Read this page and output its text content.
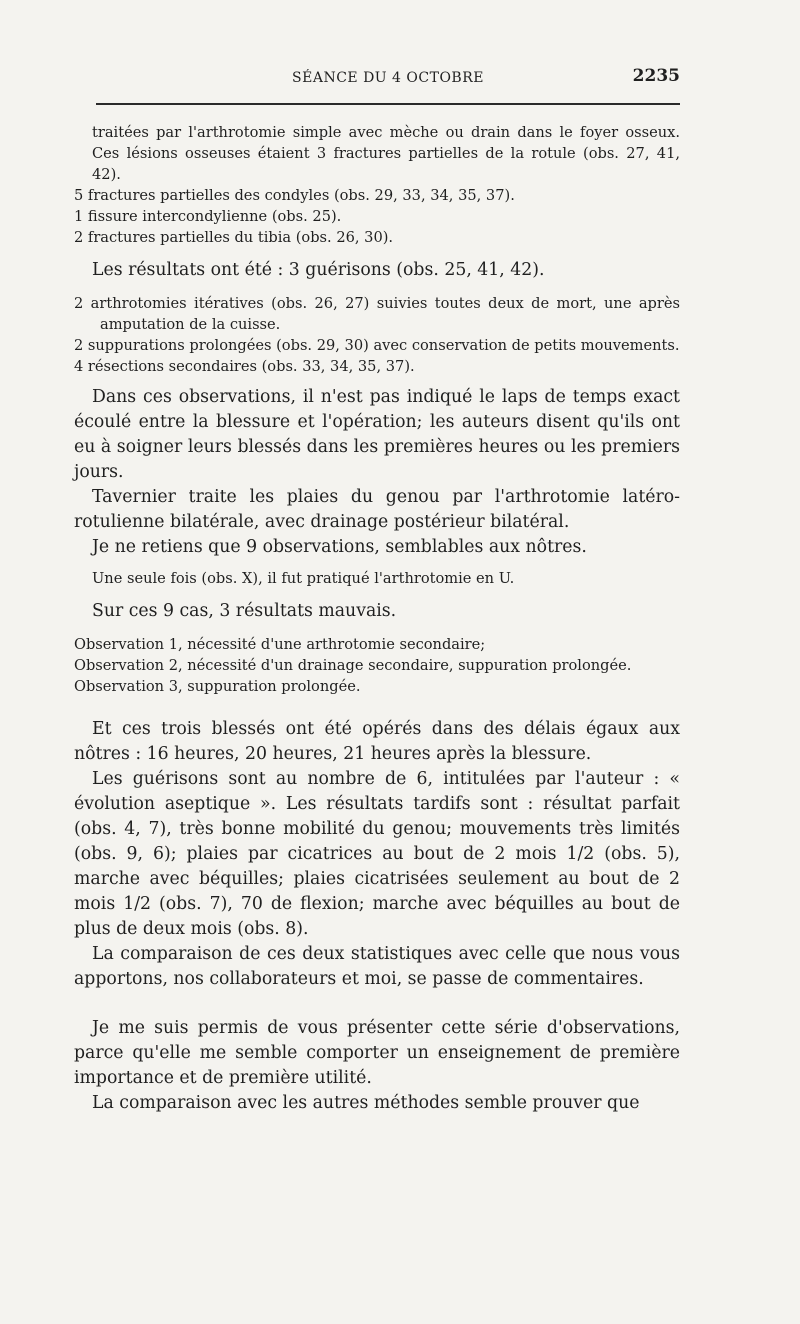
SÉANCE DU 4 OCTOBRE	2235

traitées par l'arthrotomie simple avec mèche ou drain dans le foyer osseux. Ces lésions osseuses étaient 3 fractures partielles de la rotule (obs. 27, 41, 42).

5 fractures partielles des condyles (obs. 29, 33, 34, 35, 37).

1 fissure intercondylienne (obs. 25).

2 fractures partielles du tibia (obs. 26, 30).

Les résultats ont été : 3 guérisons (obs. 25, 41, 42).

2 arthrotomies itératives (obs. 26, 27) suivies toutes deux de mort, une après amputation de la cuisse.

2 suppurations prolongées (obs. 29, 30) avec conservation de petits mouvements.

4 résections secondaires (obs. 33, 34, 35, 37).

Dans ces observations, il n'est pas indiqué le laps de temps exact écoulé entre la blessure et l'opération; les auteurs disent qu'ils ont eu à soigner leurs blessés dans les premières heures ou les premiers jours.

Tavernier traite les plaies du genou par l'arthrotomie latéro-rotulienne bilatérale, avec drainage postérieur bilatéral.

Je ne retiens que 9 observations, semblables aux nôtres.

Une seule fois (obs. X), il fut pratiqué l'arthrotomie en U.

Sur ces 9 cas, 3 résultats mauvais.

Observation 1, nécessité d'une arthrotomie secondaire;

Observation 2, nécessité d'un drainage secondaire, suppuration prolongée.

Observation 3, suppuration prolongée.

Et ces trois blessés ont été opérés dans des délais égaux aux nôtres : 16 heures, 20 heures, 21 heures après la blessure.

Les guérisons sont au nombre de 6, intitulées par l'auteur : « évolution aseptique ». Les résultats tardifs sont : résultat parfait (obs. 4, 7), très bonne mobilité du genou; mouvements très limités (obs. 9, 6); plaies par cicatrices au bout de 2 mois 1/2 (obs. 5), marche avec béquilles; plaies cicatrisées seulement au bout de 2 mois 1/2 (obs. 7), 70 de flexion; marche avec béquilles au bout de plus de deux mois (obs. 8).

La comparaison de ces deux statistiques avec celle que nous vous apportons, nos collaborateurs et moi, se passe de commentaires.

Je me suis permis de vous présenter cette série d'observations, parce qu'elle me semble comporter un enseignement de première importance et de première utilité.

La comparaison avec les autres méthodes semble prouver que
